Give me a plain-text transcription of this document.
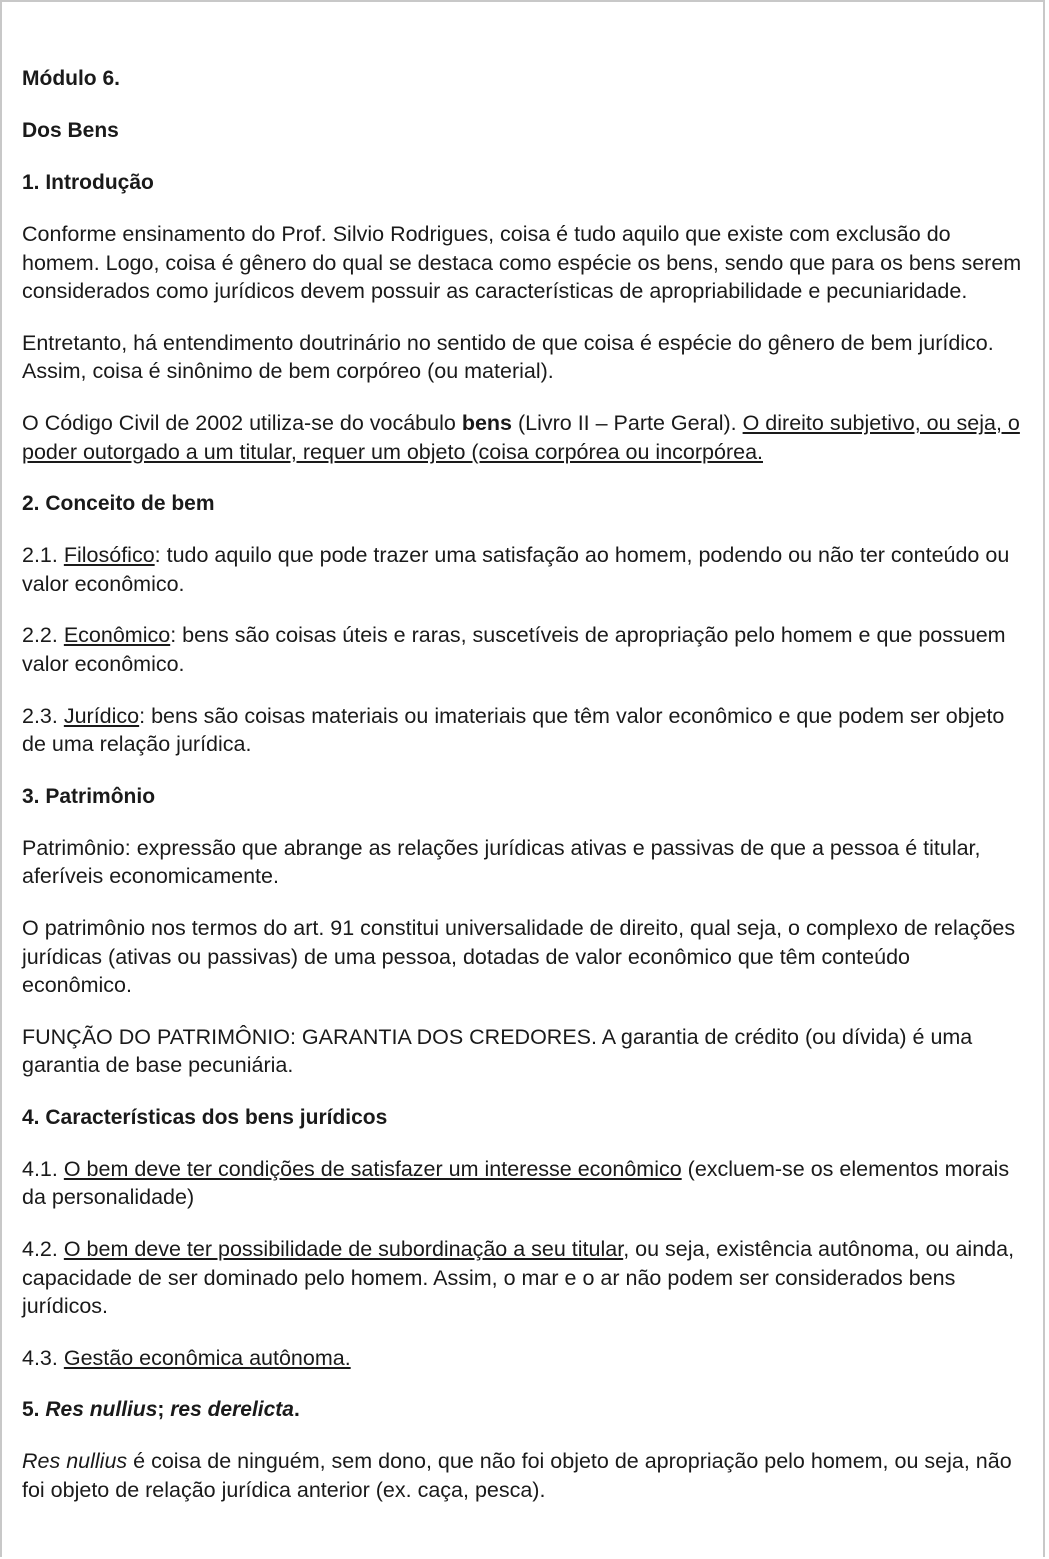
Módulo 6.
Dos Bens
1. Introdução

Conforme ensinamento do Prof. Silvio Rodrigues, coisa é tudo aquilo que existe com exclusão do homem. Logo, coisa é gênero do qual se destaca como espécie os bens, sendo que para os bens serem considerados como jurídicos devem possuir as características de apropriabilidade e pecuniaridade.

Entretanto, há entendimento doutrinário no sentido de que coisa é espécie do gênero de bem jurídico. Assim, coisa é sinônimo de bem corpóreo (ou material).

O Código Civil de 2002 utiliza-se do vocábulo bens (Livro II – Parte Geral). O direito subjetivo, ou seja, o poder outorgado a um titular, requer um objeto (coisa corpórea ou incorpórea.

2. Conceito de bem

2.1. Filosófico: tudo aquilo que pode trazer uma satisfação ao homem, podendo ou não ter conteúdo ou valor econômico.

2.2. Econômico: bens são coisas úteis e raras, suscetíveis de apropriação pelo homem e que possuem valor econômico.

2.3. Jurídico: bens são coisas materiais ou imateriais que têm valor econômico e que podem ser objeto de uma relação jurídica.

3. Patrimônio

Patrimônio: expressão que abrange as relações jurídicas ativas e passivas de que a pessoa é titular, aferíveis economicamente.

O patrimônio nos termos do art. 91 constitui universalidade de direito, qual seja, o complexo de relações jurídicas (ativas ou passivas) de uma pessoa, dotadas de valor econômico que têm conteúdo econômico.

FUNÇÃO DO PATRIMÔNIO: GARANTIA DOS CREDORES. A garantia de crédito (ou dívida) é uma garantia de base pecuniária.

4. Características dos bens jurídicos

4.1. O bem deve ter condições de satisfazer um interesse econômico (excluem-se os elementos morais da personalidade)

4.2. O bem deve ter possibilidade de subordinação a seu titular, ou seja, existência autônoma, ou ainda, capacidade de ser dominado pelo homem. Assim, o mar e o ar não podem ser considerados bens jurídicos.

4.3. Gestão econômica autônoma.

5. Res nullius; res derelicta.

Res nullius é coisa de ninguém, sem dono, que não foi objeto de apropriação pelo homem, ou seja, não foi objeto de relação jurídica anterior (ex. caça, pesca).
